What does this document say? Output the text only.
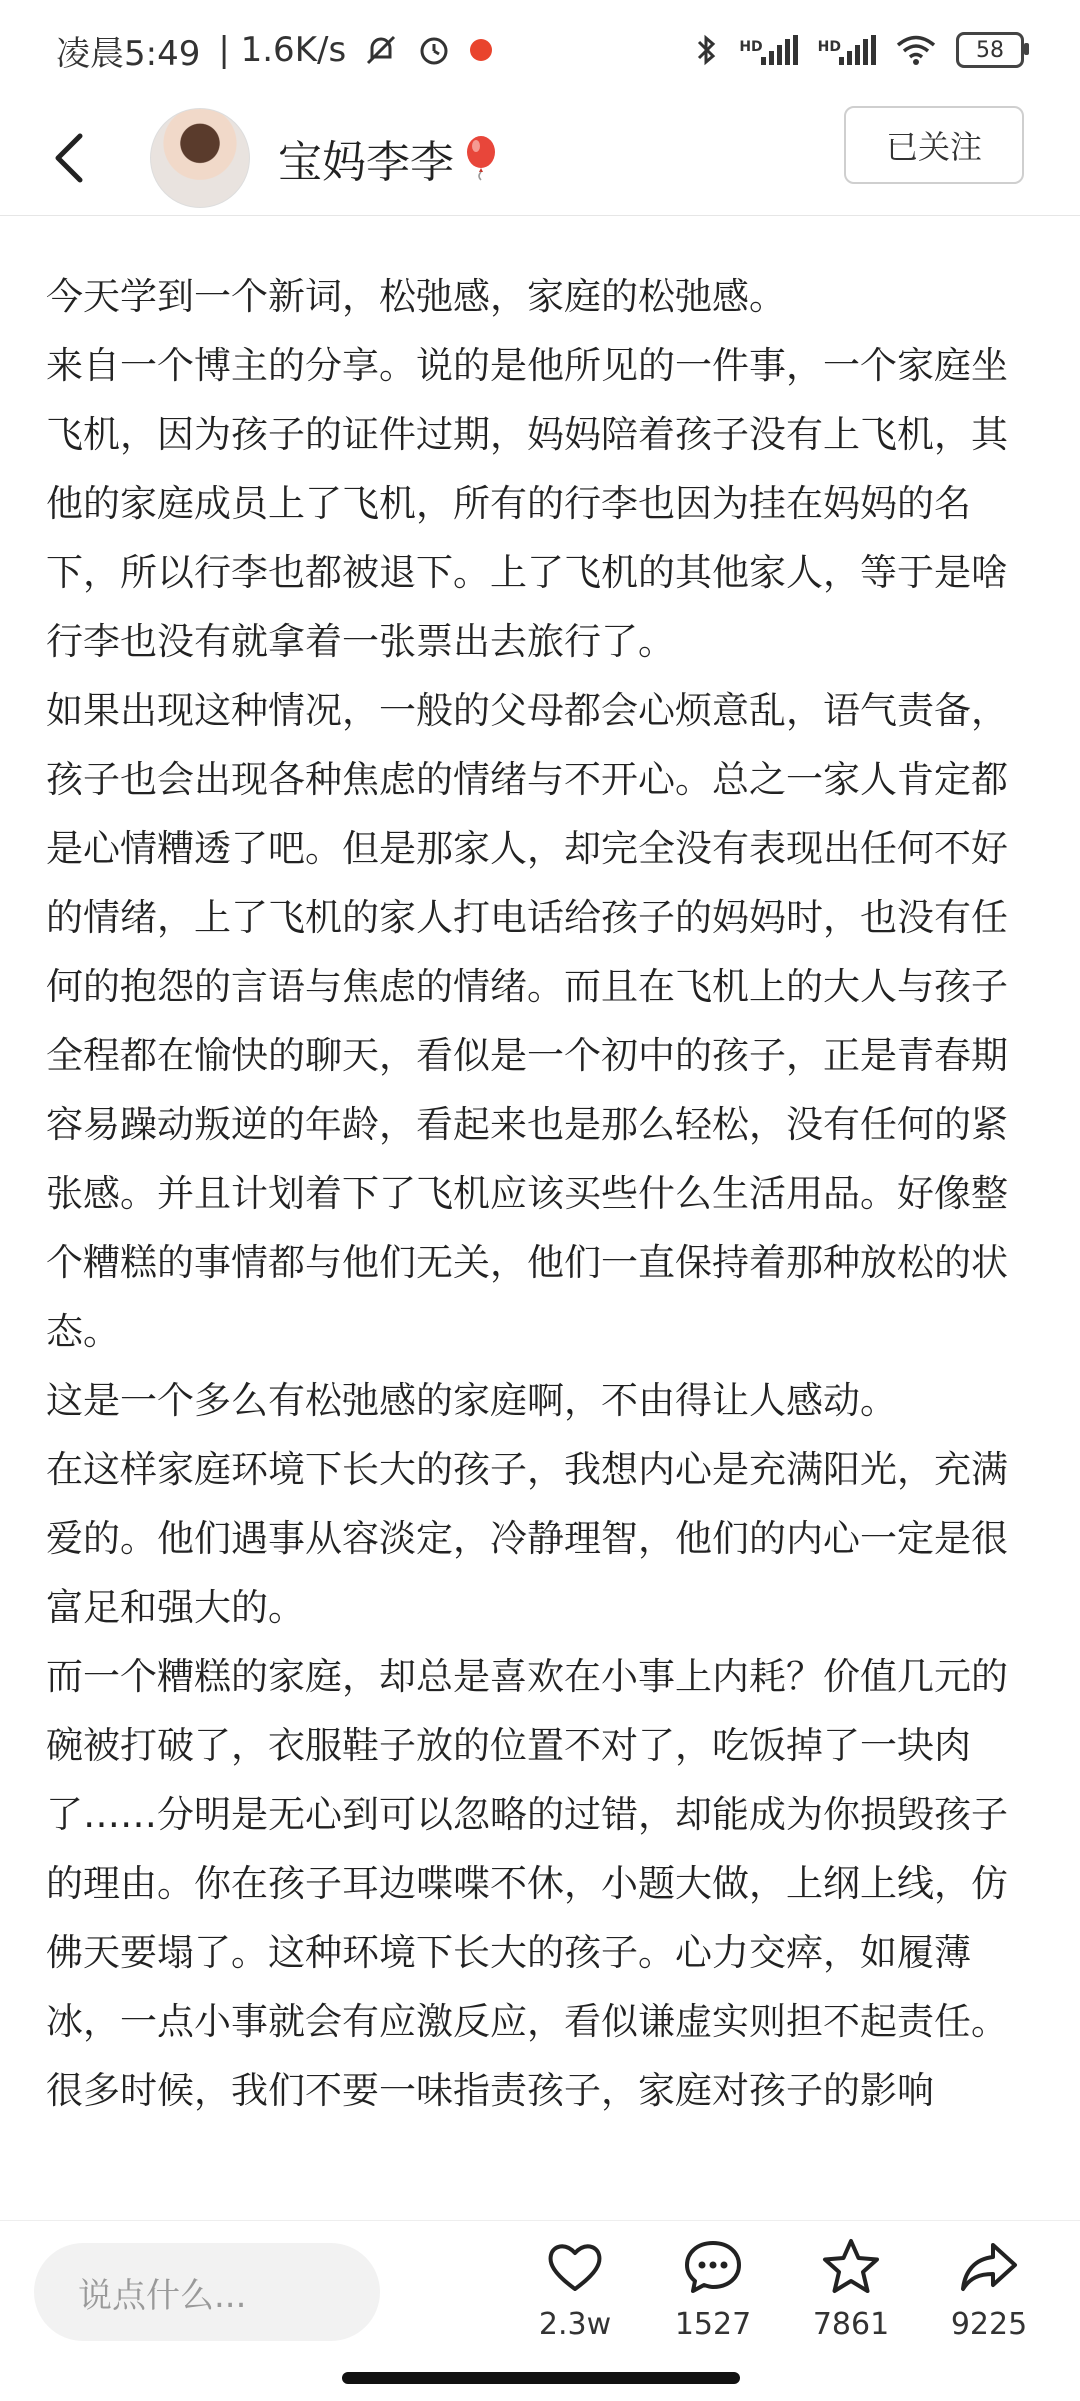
凌晨5:49 | 1.6K/s	HD	HD	58
宝妈李李	已关注

今天学到一个新词，松弛感，家庭的松弛感。

来自一个博主的分享。说的是他所见的一件事，一个家庭坐飞机，因为孩子的证件过期，妈妈陪着孩子没有上飞机，其他的家庭成员上了飞机，所有的行李也因为挂在妈妈的名下，所以行李也都被退下。上了飞机的其他家人，等于是啥行李也没有就拿着一张票出去旅行了。

如果出现这种情况，一般的父母都会心烦意乱，语气责备，孩子也会出现各种焦虑的情绪与不开心。总之一家人肯定都是心情糟透了吧。但是那家人，却完全没有表现出任何不好的情绪，上了飞机的家人打电话给孩子的妈妈时，也没有任何的抱怨的言语与焦虑的情绪。而且在飞机上的大人与孩子全程都在愉快的聊天，看似是一个初中的孩子，正是青春期容易躁动叛逆的年龄，看起来也是那么轻松，没有任何的紧张感。并且计划着下了飞机应该买些什么生活用品。好像整个糟糕的事情都与他们无关，他们一直保持着那种放松的状态。

这是一个多么有松弛感的家庭啊，不由得让人感动。

在这样家庭环境下长大的孩子，我想内心是充满阳光，充满爱的。他们遇事从容淡定，冷静理智，他们的内心一定是很富足和强大的。

而一个糟糕的家庭，却总是喜欢在小事上内耗？价值几元的碗被打破了，衣服鞋子放的位置不对了，吃饭掉了一块肉了……分明是无心到可以忽略的过错，却能成为你损毁孩子的理由。你在孩子耳边喋喋不休，小题大做，上纲上线，仿佛天要塌了。这种环境下长大的孩子。心力交瘁，如履薄冰，一点小事就会有应激反应，看似谦虚实则担不起责任。

很多时候，我们不要一味指责孩子，家庭对孩子的影响

说点什么...
2.3w 1527 7861 9225
